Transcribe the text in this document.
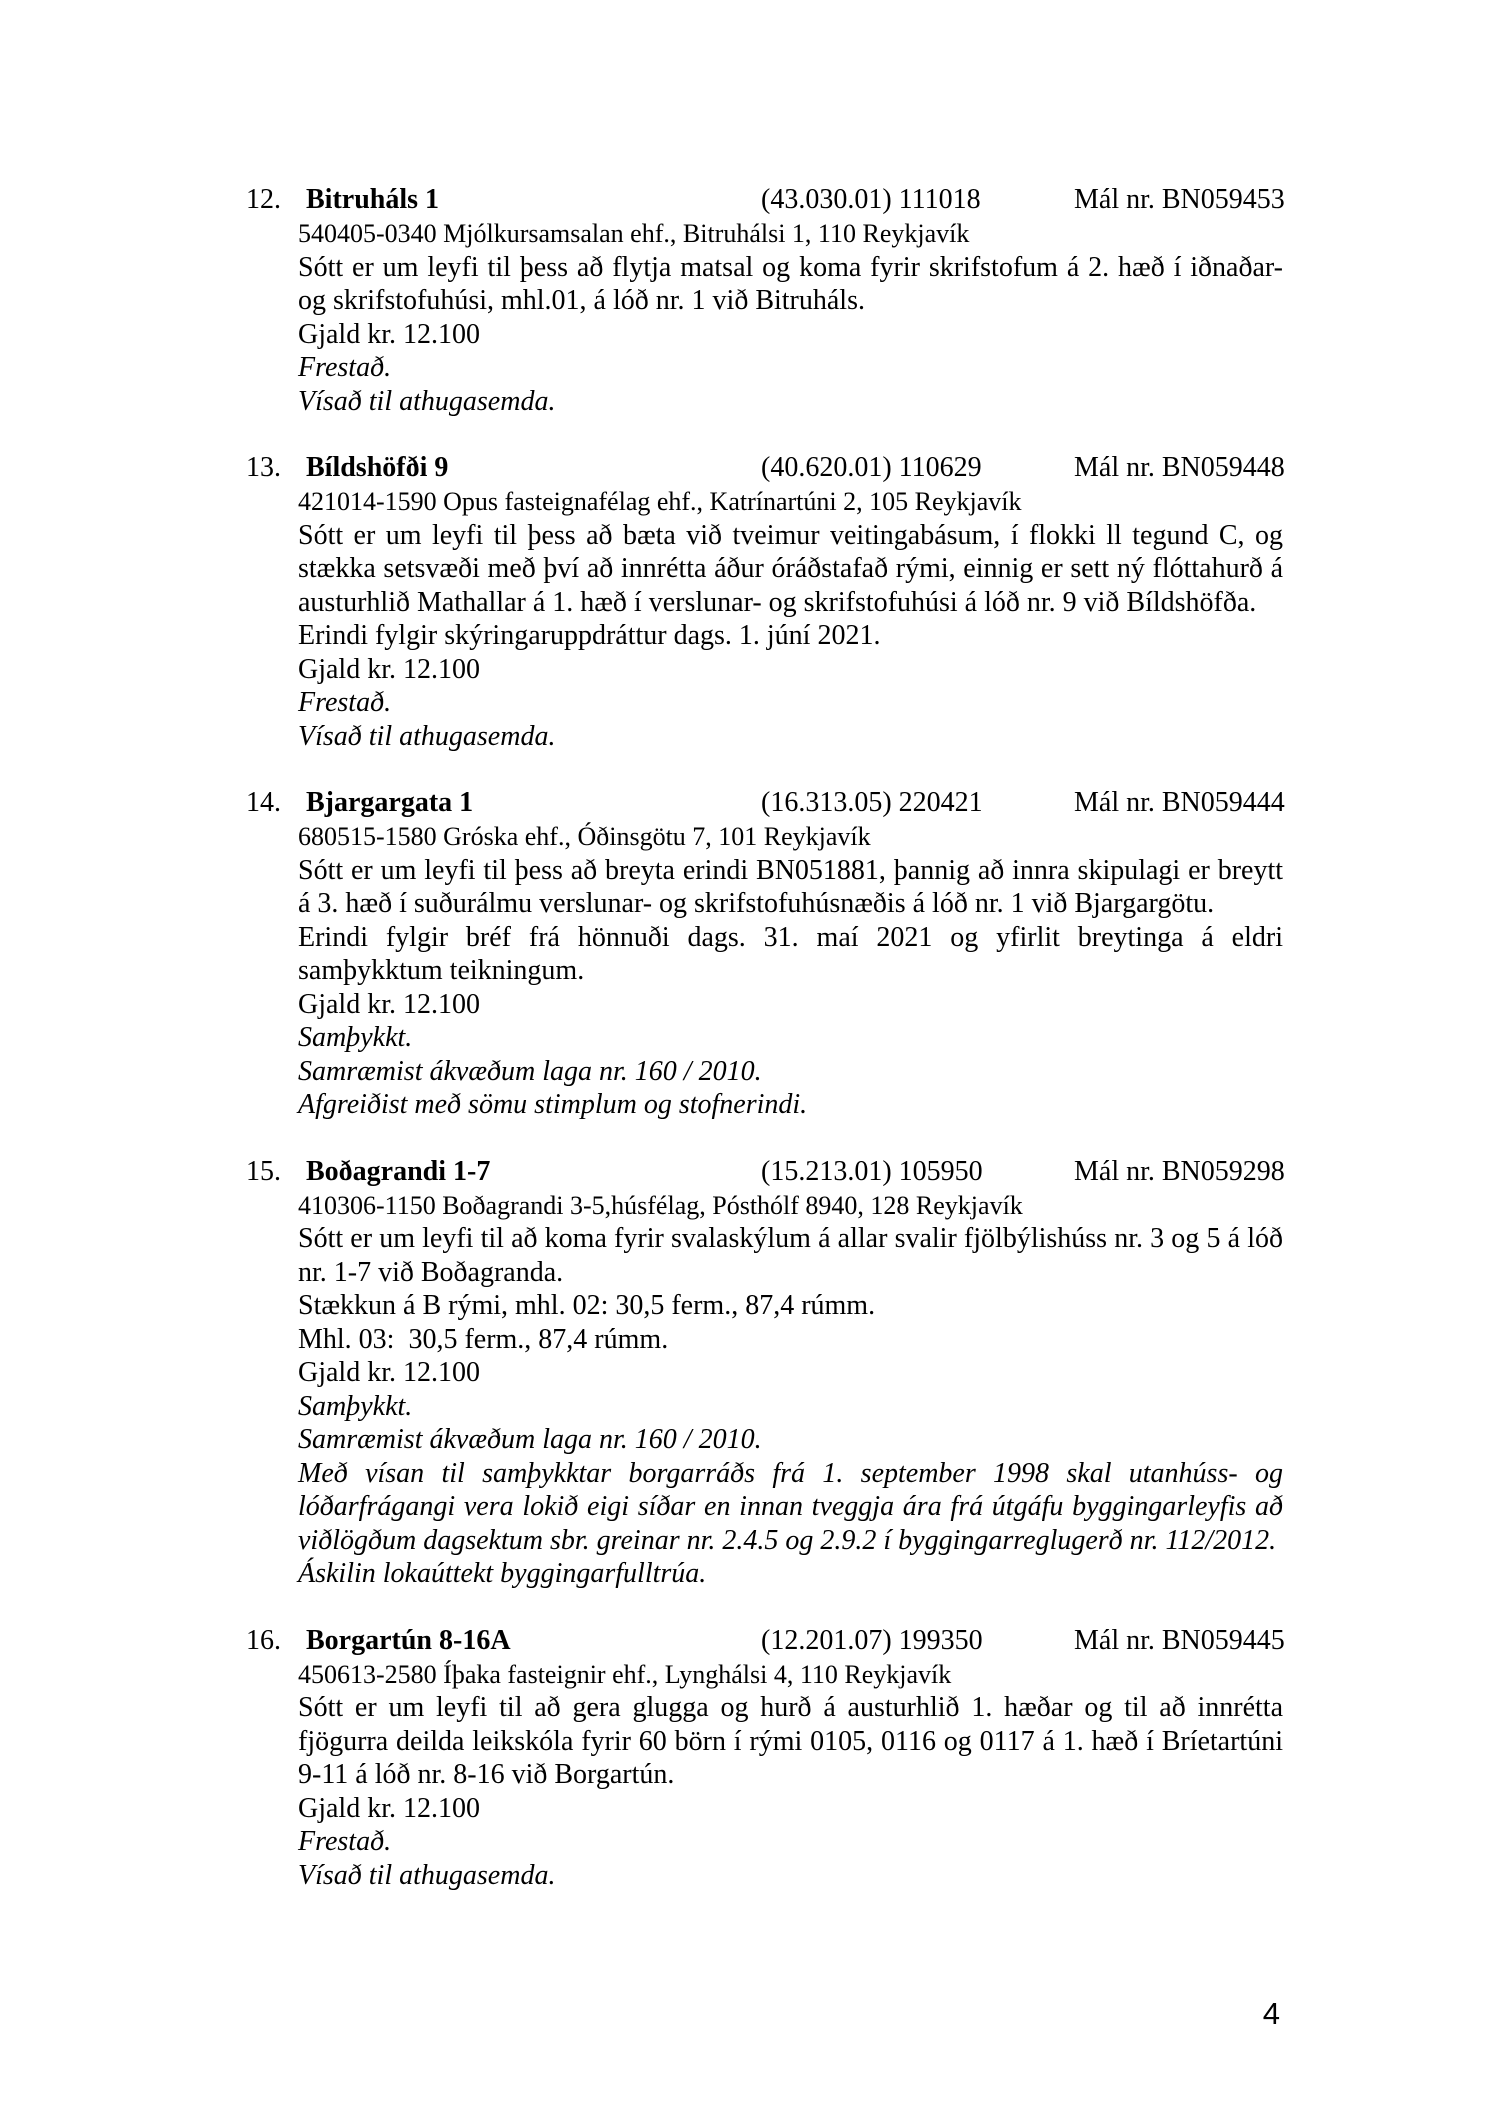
12. Bitruháls 1	(43.030.01) 111018	Mál nr. BN059453
540405-0340 Mjólkursamsalan ehf., Bitruhálsi 1, 110 Reykjavík
Sótt er um leyfi til þess að flytja matsal og koma fyrir skrifstofum á 2. hæð í iðnaðar- og skrifstofuhúsi, mhl.01, á lóð nr. 1 við Bitruháls.
Gjald kr. 12.100
Frestað.
Vísað til athugasemda.
13. Bíldshöfði 9	(40.620.01) 110629	Mál nr. BN059448
421014-1590 Opus fasteignafélag ehf., Katrínartúni 2, 105 Reykjavík
Sótt er um leyfi til þess að bæta við tveimur veitingabásum, í flokki ll tegund C, og stækka setsvæði með því að innrétta áður óráðstafað rými, einnig er sett ný flóttahurð á austurhlið Mathallar á 1. hæð í verslunar- og skrifstofuhúsi á lóð nr. 9 við Bíldshöfða.
Erindi fylgir skýringaruppdráttur dags. 1. júní 2021.
Gjald kr. 12.100
Frestað.
Vísað til athugasemda.
14. Bjargargata 1	(16.313.05) 220421	Mál nr. BN059444
680515-1580 Gróska ehf., Óðinsgötu 7, 101 Reykjavík
Sótt er um leyfi til þess að breyta erindi BN051881, þannig að innra skipulagi er breytt á 3. hæð í suðurálmu verslunar- og skrifstofuhúsnæðis á lóð nr. 1 við Bjargargötu.
Erindi fylgir bréf frá hönnuði dags. 31. maí 2021 og yfirlit breytinga á eldri samþykktum teikningum.
Gjald kr. 12.100
Samþykkt.
Samræmist ákvæðum laga nr. 160 / 2010.
Afgreiðist með sömu stimplum og stofnerindi.
15. Boðagrandi 1-7	(15.213.01) 105950	Mál nr. BN059298
410306-1150 Boðagrandi 3-5,húsfélag, Pósthólf 8940, 128 Reykjavík
Sótt er um leyfi til að koma fyrir svalaskýlum á allar svalir fjölbýlishúss nr. 3 og 5 á lóð nr. 1-7 við Boðagranda.
Stækkun á B rými, mhl. 02: 30,5 ferm., 87,4 rúmm.
Mhl. 03:  30,5 ferm., 87,4 rúmm.
Gjald kr. 12.100
Samþykkt.
Samræmist ákvæðum laga nr. 160 / 2010.
Með vísan til samþykktar borgarráðs frá 1. september 1998 skal utanhúss- og lóðarfrágangi vera lokið eigi síðar en innan tveggja ára frá útgáfu byggingarleyfis að viðlögðum dagsektum sbr. greinar nr. 2.4.5 og 2.9.2 í byggingarreglugerð nr. 112/2012.
Áskilin lokaúttekt byggingarfulltrúa.
16. Borgartún 8-16A	(12.201.07) 199350	Mál nr. BN059445
450613-2580 Íþaka fasteignir ehf., Lynghálsi 4, 110 Reykjavík
Sótt er um leyfi til að gera glugga og hurð á austurhlið 1. hæðar og til að innrétta fjögurra deilda leikskóla fyrir 60 börn í rými 0105, 0116 og 0117 á 1. hæð í Bríetartúni 9-11 á lóð nr. 8-16 við Borgartún.
Gjald kr. 12.100
Frestað.
Vísað til athugasemda.
4
